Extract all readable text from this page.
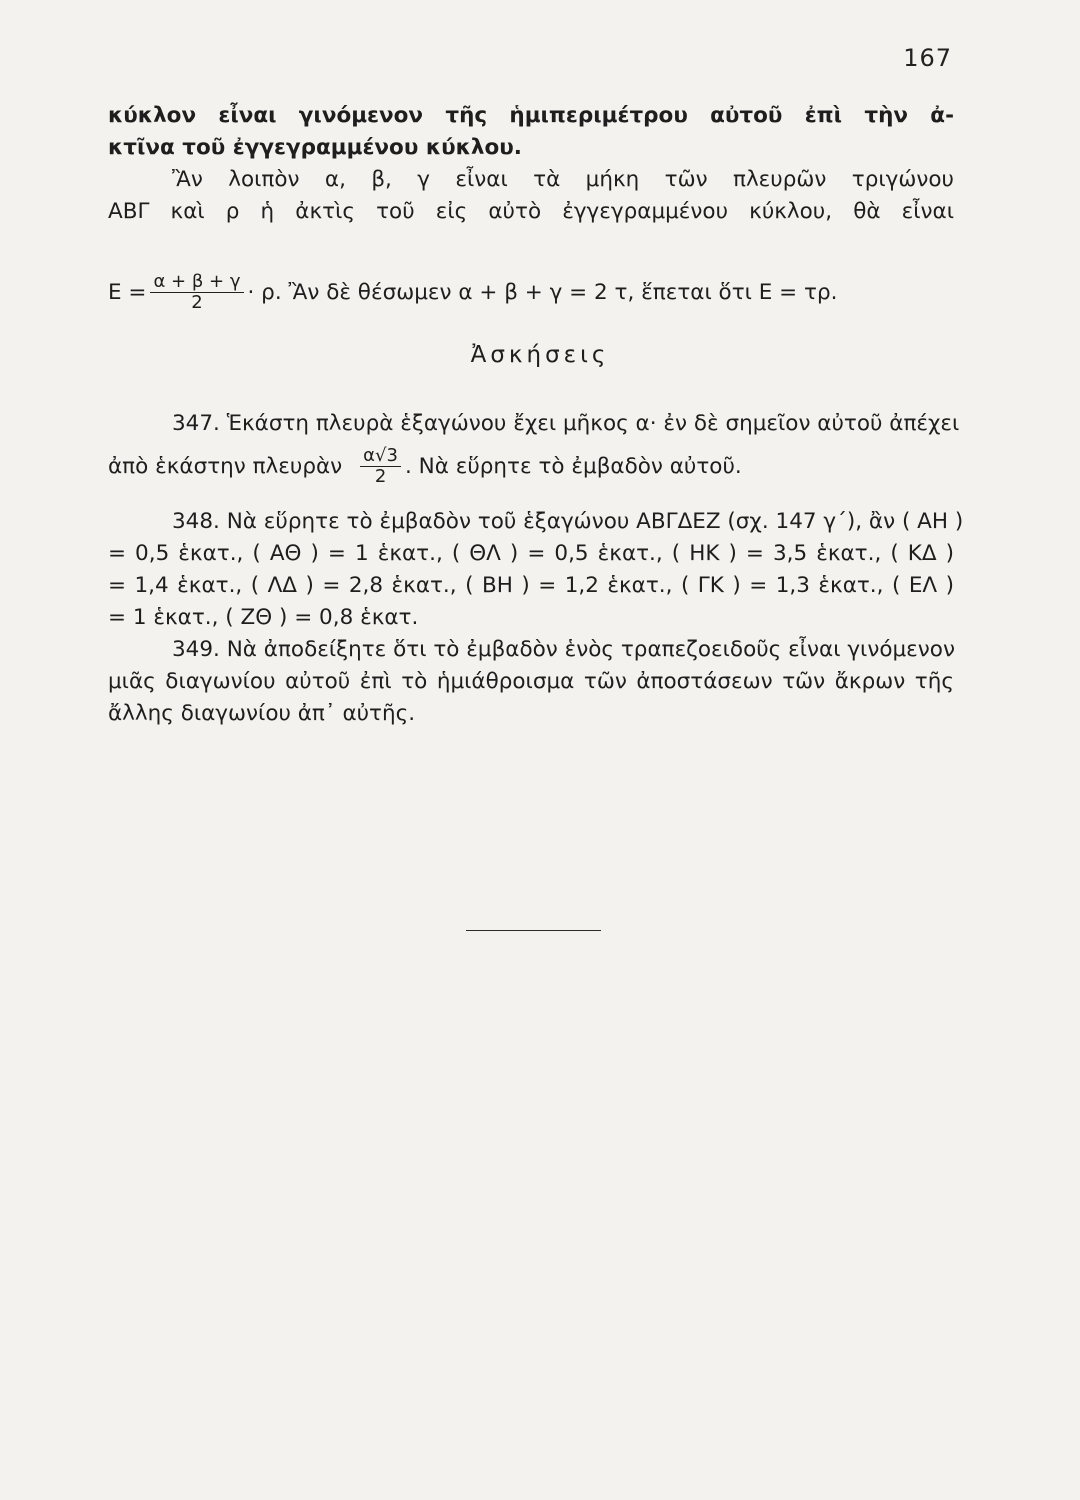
167
κύκλον εἶναι γινόμενον τῆς ἡμιπεριμέτρου αὐτοῦ ἐπὶ τὴν ἀ-
κτῖνα τοῦ ἐγγεγραμμένου κύκλου.
Ἂν λοιπὸν α, β, γ εἶναι τὰ μήκη τῶν πλευρῶν τριγώνου
ΑΒΓ καὶ ρ ἡ ἀκτὶς τοῦ εἰς αὐτὸ ἐγγεγραμμένου κύκλου, θὰ εἶναι
$E = \frac{\alpha + \beta + \gamma}{2} \cdot \rho$. Ἂν δὲ θέσωμεν α + β + γ = 2 τ, ἕπεται ὅτι Ε = τρ.
Ἀσκήσεις
347. Ἑκάστη πλευρὰ ἑξαγώνου ἔχει μῆκος α· ἐν δὲ σημεῖον αὐτοῦ ἀπέχει
ἀπὸ ἑκάστην πλευρὰν $\frac{\alpha√3}{2}$ . Νὰ εὕρητε τὸ ἐμβαδὸν αὐτοῦ.
348. Νὰ εὕρητε τὸ ἐμβαδὸν τοῦ ἑξαγώνου ΑΒΓΔΕΖ (σχ. 147 γ΄), ἂν ( ΑΗ )
= 0,5 ἑκατ., ( ΑΘ ) = 1 ἑκατ., ( ΘΛ ) = 0,5 ἑκατ., ( ΗΚ ) = 3,5 ἑκατ., ( ΚΔ )
= 1,4 ἑκατ., ( ΛΔ ) = 2,8 ἑκατ., ( ΒΗ ) = 1,2 ἑκατ., ( ΓΚ ) = 1,3 ἑκατ., ( ΕΛ )
= 1 ἑκατ., ( ΖΘ ) = 0,8 ἑκατ.
349. Νὰ ἀποδείξητε ὅτι τὸ ἐμβαδὸν ἑνὸς τραπεζοειδοῦς εἶναι γινόμενον
μιᾶς διαγωνίου αὐτοῦ ἐπὶ τὸ ἡμιάθροισμα τῶν ἀποστάσεων τῶν ἄκρων τῆς
ἄλλης διαγωνίου ἀπ᾽ αὐτῆς.
